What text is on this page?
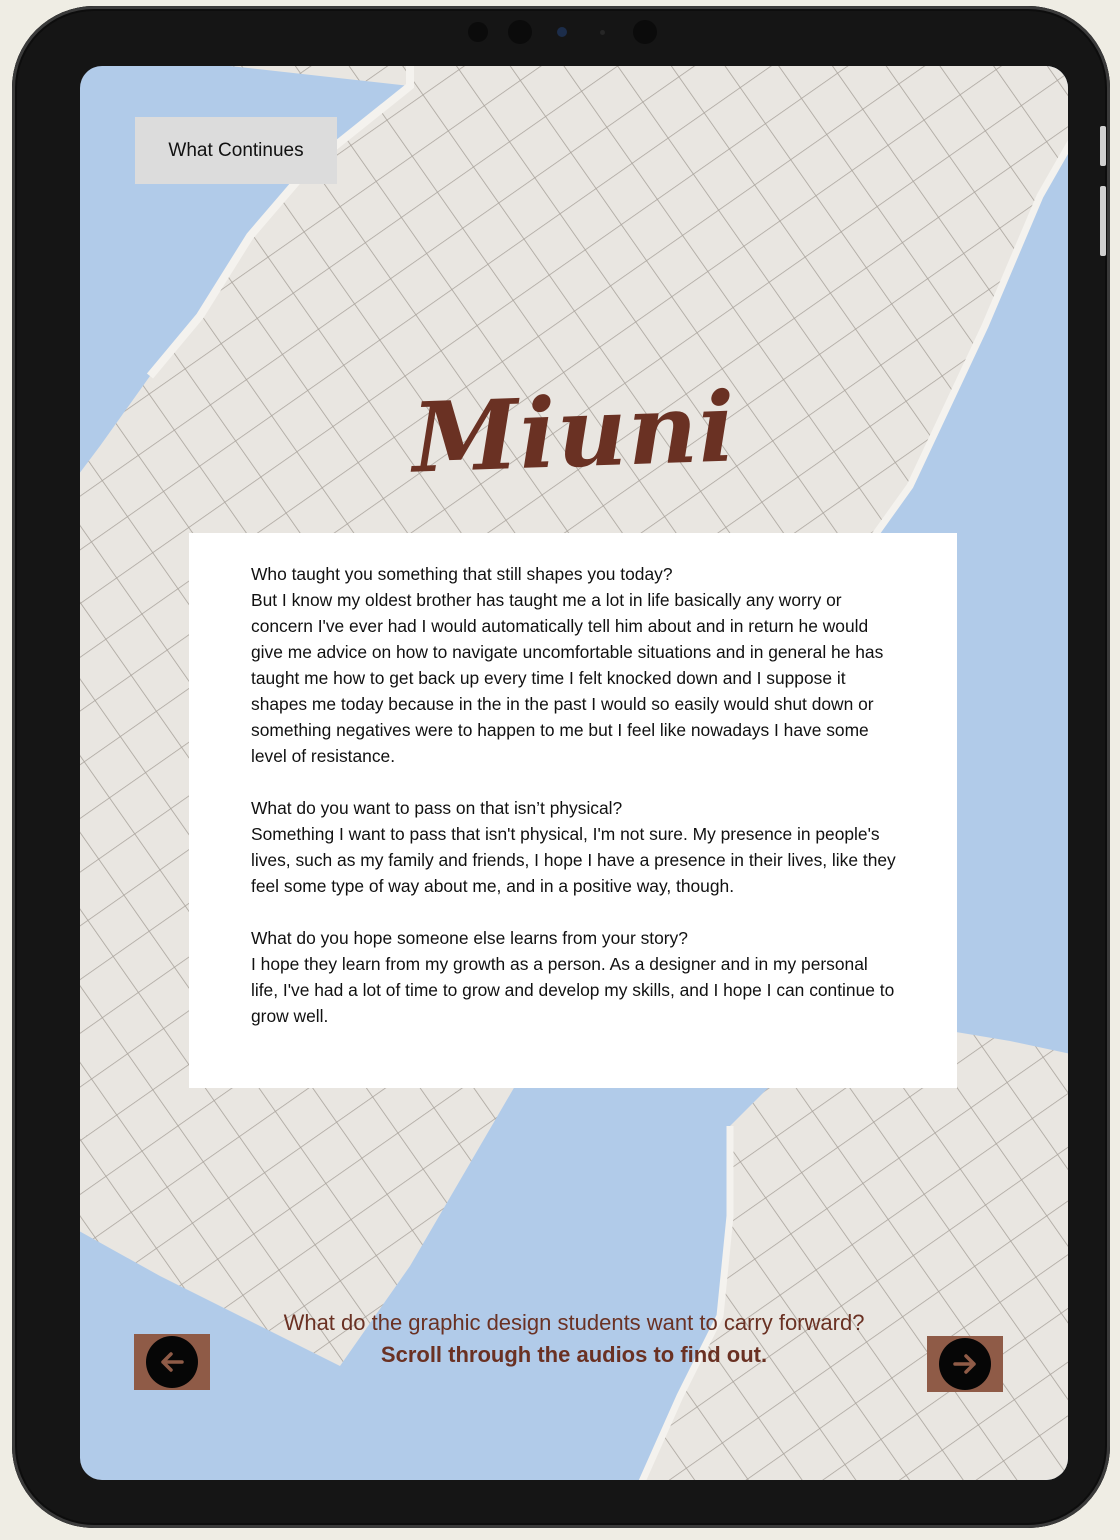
What Continues
Miuni

Who taught you something that still shapes you today?

But I know my oldest brother has taught me a lot in life basically any worry or concern I've ever had I would automatically tell him about and in return he would give me advice on how to navigate uncomfortable situations and in general he has taught me how to get back up every time I felt knocked down and I suppose it shapes me today because in the in the past I would so easily would shut down or something negatives were to happen to me but I feel like nowadays I have some level of resistance.

What do you want to pass on that isn’t physical?

Something I want to pass that isn't physical, I'm not sure. My presence in people's lives, such as my family and friends, I hope I have a presence in their lives, like they feel some type of way about me, and in a positive way, though.

What do you hope someone else learns from your story?

I hope they learn from my growth as a person. As a designer and in my personal life, I've had a lot of time to grow and develop my skills, and I hope I can continue to grow well.

What do the graphic design students want to carry forward?
Scroll through the audios to find out.
